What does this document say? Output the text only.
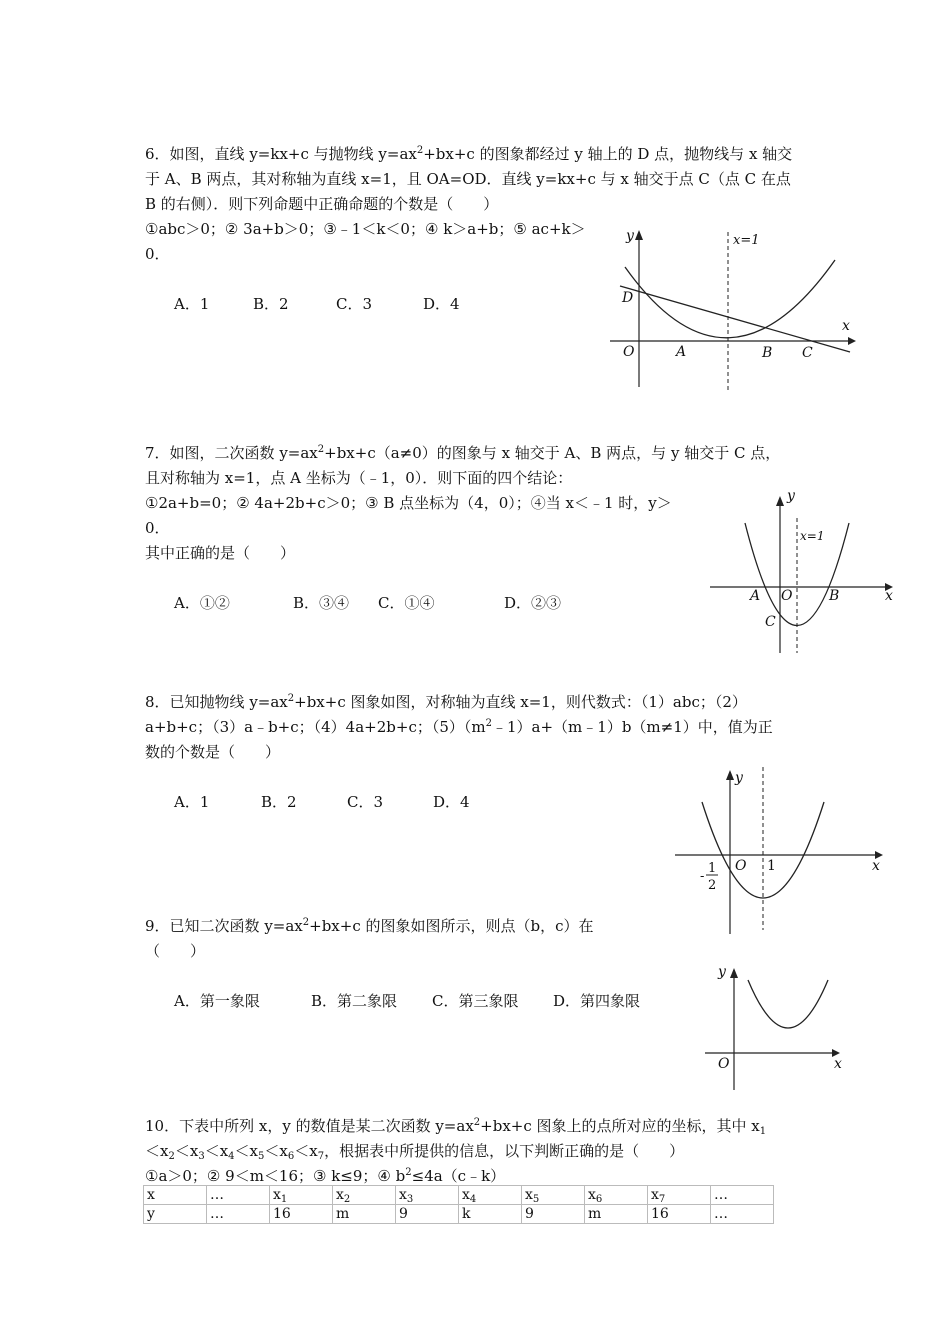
6．如图，直线 y=kx+c 与抛物线 $y=ax^2+bx+c$ 的图象都经过 y 轴上的 D 点，抛物线与 x 轴交
于 A、B 两点，其对称轴为直线 x=1，且 OA=OD．直线 y=kx+c 与 x 轴交于点 C（点 C 在点
B 的右侧）．则下列命题中正确命题的个数是（　　）
①abc＞0；② 3a+b＞0；③﹣1＜k＜0；④ k＞a+b；⑤ ac+k＞
0．
A．1	B．2	C．3	D．4
y
x
x=1
D
O	A	B C
7．如图，二次函数 $y=ax^2+bx+c(a\ne 0)$的图象与 x 轴交于 A、B 两点，与 y 轴交于 C 点，
且对称轴为 x=1，点 A 坐标为（﹣1，0）．则下面的四个结论：
①2a+b=0；② 4a+2b+c＞0；③ B 点坐标为（4，0）；④当 x＜﹣1 时，y＞
0．
其中正确的是（　　）
A．①②	B．③④ C．①④	D．②③
y
x
x=1
A O	B
C
8．已知抛物线 $y=ax^2+bx+c$ 图象如图，对称轴为直线 x=1，则代数式：（1）abc；（2）
a+b+c；（3）a﹣b+c；（4）4a+2b+c；$(5)(m^2﹣1)a+(m﹣1)b(m\ne 1)$中，值为正
数的个数是（　　）
A．1	B．2	C．3	D．4
y
x
O 1
1
2
-
9．已知二次函数 $y=ax^2+bx+c$ 的图象如图所示，则点（b，c）在
（　　）
A．第一象限	B．第二象限 C．第三象限 D．第四象限
y
x
O
10．下表中所列 x，y 的数值是某二次函数 $y=ax^2+bx+c$ 图象上的点所对应的坐标，其中 $x_1$
$<x_2<x_3<x_4<x_5<x_6<x_7$，根据表中所提供的信息，以下判断正确的是（　　）
①a＞0；② 9＜m＜16；③ k≤9；④ $b^2\le 4a(c﹣k)$
x	…	$x_1$	$x_2$	$x_3$	$x_4$	$x_5$	$x_6$	$x_7$	…
y	…	16	m	9	k	9	m	16	…
